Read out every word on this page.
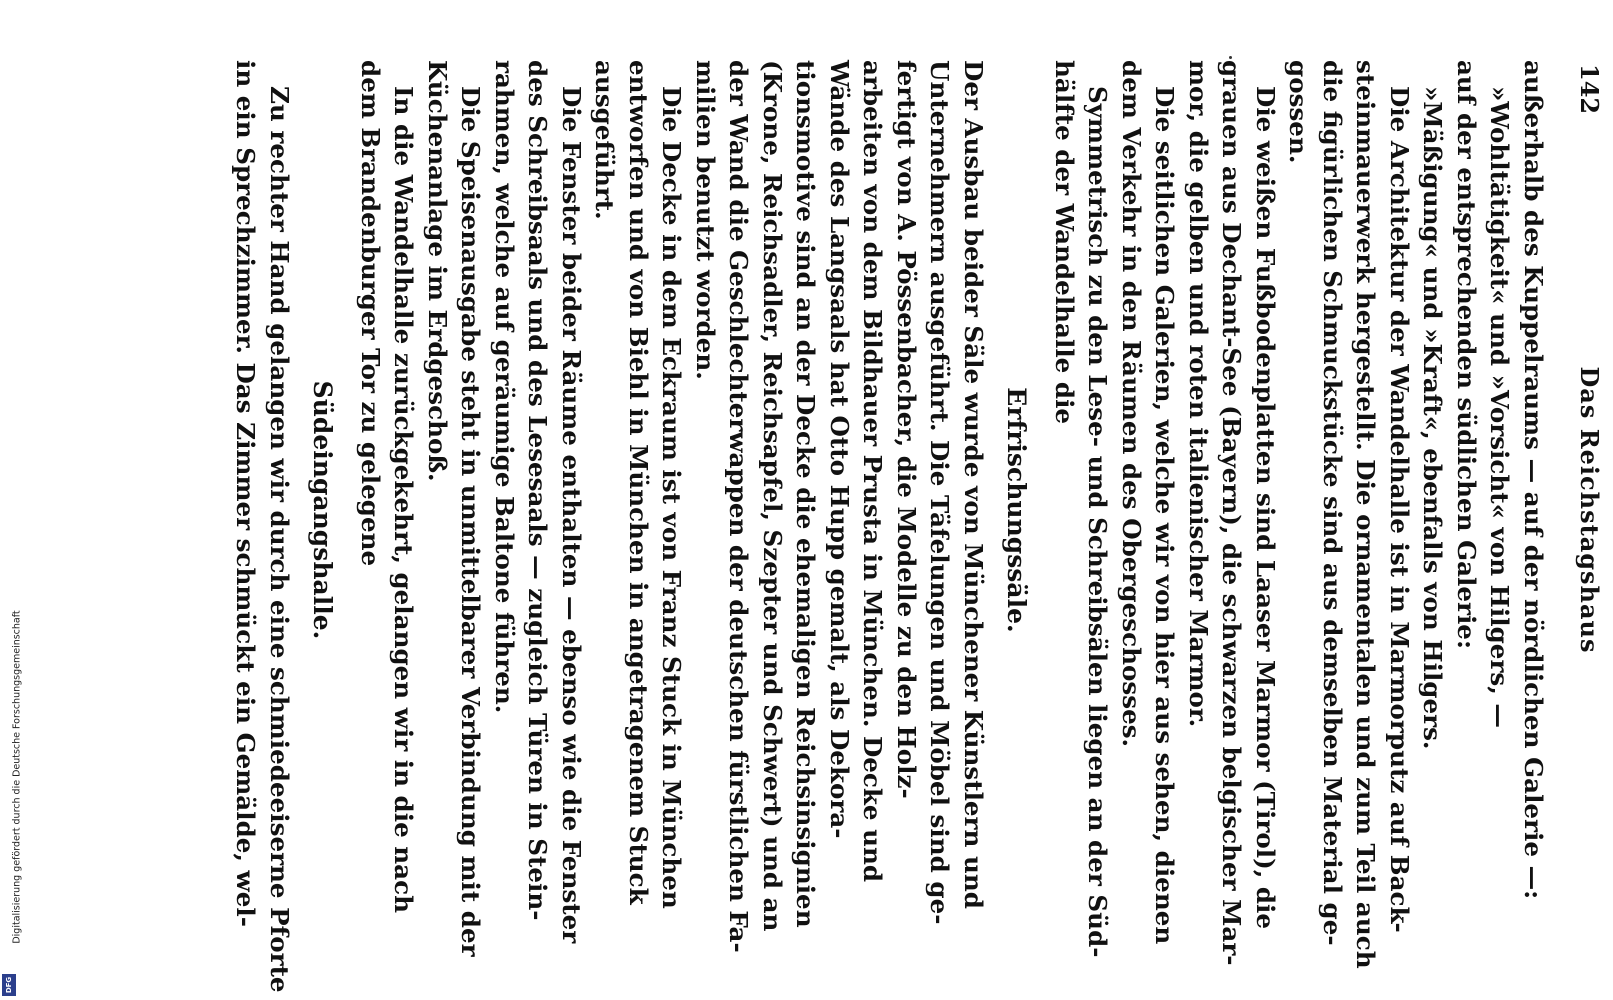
142
Das Reichstagshaus
außerhalb des Kuppelraums — auf der nördlichen Galerie —:
»Wohltätigkeit« und »Vorsicht« von Hilgers, —
auf der entsprechenden südlichen Galerie:
»Mäßigung« und »Kraft«, ebenfalls von Hilgers.
Die Architektur der Wandelhalle ist in Marmorputz auf Back-
steinmauerwerk hergestellt. Die ornamentalen und zum Teil auch
die figürlichen Schmuckstücke sind aus demselben Material ge-
gossen.
Die weißen Fußbodenplatten sind Laaser Marmor (Tirol), die
grauen aus Dechant-See (Bayern), die schwarzen belgischer Mar-
mor, die gelben und roten italienischer Marmor.
Die seitlichen Galerien, welche wir von hier aus sehen, dienen
dem Verkehr in den Räumen des Obergeschosses.
Symmetrisch zu den Lese- und Schreibsälen liegen an der Süd-
hälfte der Wandelhalle die
Erfrischungssäle.
Der Ausbau beider Säle wurde von Münchener Künstlern und
Unternehmern ausgeführt. Die Täfelungen und Möbel sind ge-
fertigt von A. Pössenbacher, die Modelle zu den Holz-
arbeiten von dem Bildhauer Prusta in München. Decke und
Wände des Langsaals hat Otto Hupp gemalt, als Dekora-
tionsmotive sind an der Decke die ehemaligen Reichsinsignien
(Krone, Reichsadler, Reichsapfel, Szepter und Schwert) und an
der Wand die Geschlechterwappen der deutschen fürstlichen Fa-
milien benutzt worden.
Die Decke in dem Eckraum ist von Franz Stuck in München
entworfen und von Biehl in München in angetragenem Stuck
ausgeführt.
Die Fenster beider Räume enthalten — ebenso wie die Fenster
des Schreibsaals und des Lesesaals — zugleich Türen in Stein-
rahmen, welche auf geräumige Baltone führen.
Die Speisenausgabe steht in unmittelbarer Verbindung mit der
Küchenanlage im Erdgeschoß.
In die Wandelhalle zurückgekehrt, gelangen wir in die nach
dem Brandenburger Tor zu gelegene
Südeingangshalle.
Zu rechter Hand gelangen wir durch eine schmiedeeiserne Pforte
in ein Sprechzimmer. Das Zimmer schmückt ein Gemälde, wel-
Digitalisierung gefördert durch die Deutsche Forschungsgemeinschaft
DFG
